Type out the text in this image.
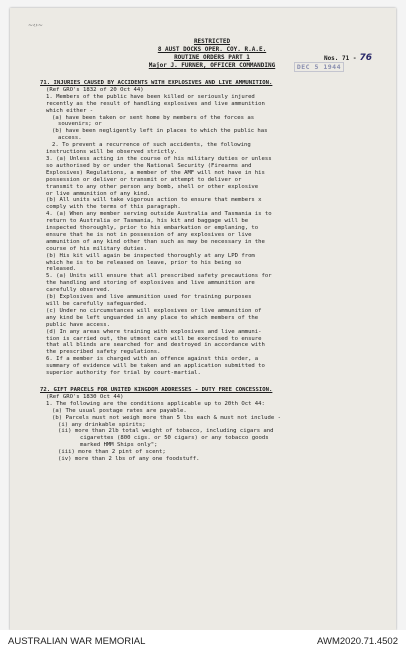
~‹›~
RESTRICTED
8 AUST DOCKS OPER. COY. R.A.E.
ROUTINE ORDERS PART 1	Nos. 71 - 76
Major J. FURNER, OFFICER COMMANDING	DEC 5 1944

71. INJURIES CAUSED BY ACCIDENTS WITH EXPLOSIVES AND LIVE AMMUNITION.

(Ref GRO's 1832 of 20 Oct 44)

1. Members of the public have been killed or seriously injured

recently as the result of handling explosives and live ammunition

which either -

(a) have been taken or sent home by members of the forces as

souvenirs; or

(b) have been negligently left in places to which the public has

access.

2. To prevent a recurrence of such accidents, the following

instructions will be observed strictly.

3. (a) Unless acting in the course of his military duties or unless

so authorised by or under the National Security (Firearms and

Explosives) Regulations, a member of the AMF will not have in his

possession or deliver or transmit or attempt to deliver or

transmit to any other person any bomb, shell or other explosive

or live ammunition of any kind.

(b) All units will take vigorous action to ensure that members x

comply with the terms of this paragraph.

4. (a) When any member serving outside Australia and Tasmania is to

return to Australia or Tasmania, his kit and baggage will be

inspected thoroughly, prior to his embarkation or emplaning, to

ensure that he is not in possession of any explosives or live

ammunition of any kind other than such as may be necessary in the

course of his military duties.

(b) His kit will again be inspected thoroughly at any LPD from

which he is to be released on leave, prior to his being so

released.

5. (a) Units will ensure that all prescribed safety precautions for

the handling and storing of explosives and live ammunition are

carefully observed.

(b) Explosives and live ammunition used for training purposes

will be carefully safeguarded.

(c) Under no circumstances will explosives or live ammunition of

any kind be left unguarded in any place to which members of the

public have access.

(d) In any areas where training with explosives and live ammuni-

tion is carried out, the utmost care will be exercised to ensure

that all blinds are searched for and destroyed in accordance with

the prescribed safety regulations.

6. If a member is charged with an offence against this order, a

summary of evidence will be taken and an application submitted to

superior authority for trial by court-martial.

72. GIFT PARCELS FOR UNITED KINGDOM ADDRESSES - DUTY FREE CONCESSION.

(Ref GRO's 1830 Oct 44)

1. The following are the conditions applicable up to 20th Oct 44:

(a) The usual postage rates are payable.

(b) Parcels must not weigh more than 5 lbs each & must not include -

(i) any drinkable spirits;

(ii) more than 2lb total weight of tobacco, including cigars and

cigarettes (800 cigs. or 50 cigars) or any tobacco goods

marked HMM Ships only";

(iii) more than 2 pint of scent;

(iv) more than 2 lbs of any one foodstuff.

AUSTRALIAN WAR MEMORIAL	AWM2020.71.4502
